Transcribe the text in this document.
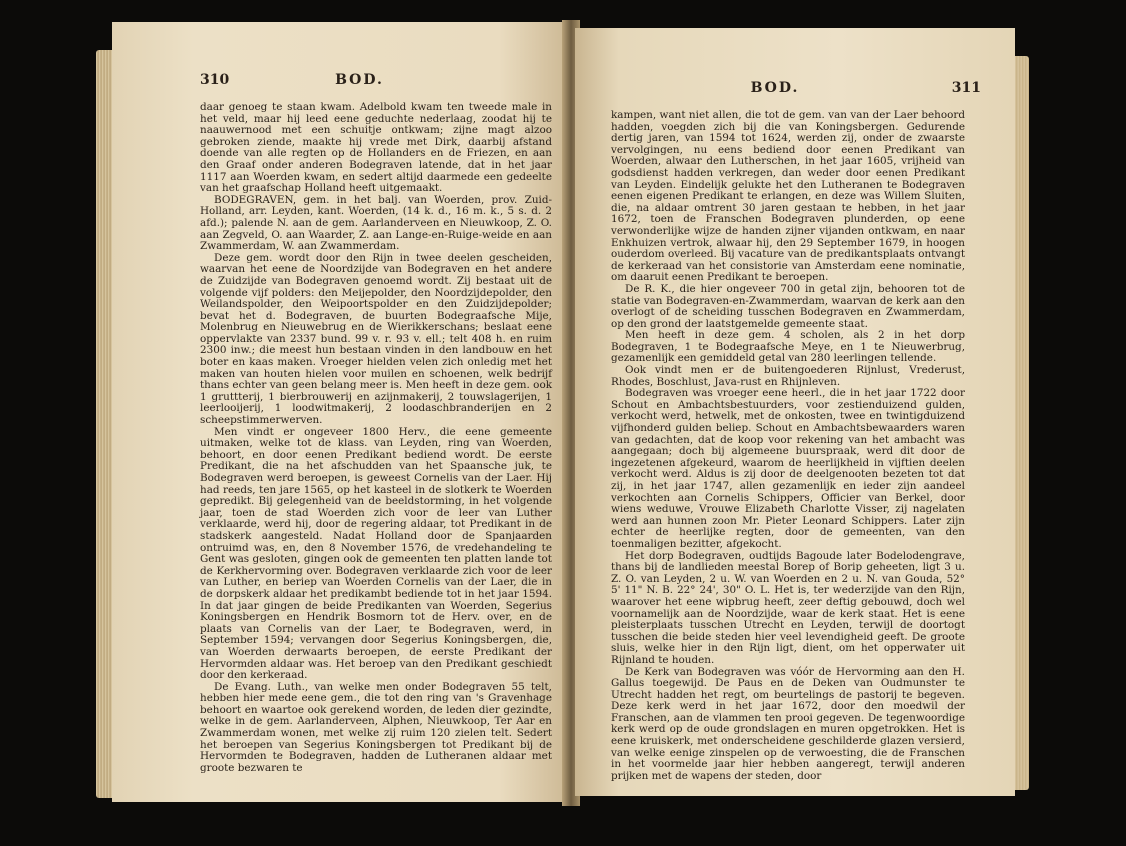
310	BOD.

daar genoeg te staan kwam. Adelbold kwam ten tweede male in het veld, maar hij leed eene geduchte nederlaag, zoodat hij te naauwernood met een schuitje ontkwam; zijne magt alzoo gebroken ziende, maakte hij vrede met Dirk, daarbij afstand doende van alle regten op de Hollanders en de Friezen, en aan den Graaf onder anderen Bodegraven latende, dat in het jaar 1117 aan Woerden kwam, en sedert altijd daarmede een gedeelte van het graafschap Holland heeft uitgemaakt.

BODEGRAVEN, gem. in het balj. van Woerden, prov. Zuid-Holland, arr. Leyden, kant. Woerden, (14 k. d., 16 m. k., 5 s. d. 2 afd.); palende N. aan de gem. Aarlanderveen en Nieuwkoop, Z. O. aan Zegveld, O. aan Waarder, Z. aan Lange-en-Ruige-weide en aan Zwammerdam, W. aan Zwammerdam.

Deze gem. wordt door den Rijn in twee deelen gescheiden, waarvan het eene de Noordzijde van Bodegraven en het andere de Zuidzijde van Bodegraven genoemd wordt. Zij bestaat uit de volgende vijf polders: den Meijepolder, den Noordzijdepolder, den Weilandspolder, den Weipoortspolder en den Zuidzijdepolder; bevat het d. Bodegraven, de buurten Bodegraafsche Mije, Molenbrug en Nieuwebrug en de Wierikkerschans; beslaat eene oppervlakte van 2337 bund. 99 v. r. 93 v. ell.; telt 408 h. en ruim 2300 inw.; die meest hun bestaan vinden in den landbouw en het boter en kaas maken. Vroeger hielden velen zich onledig met het maken van houten hielen voor muilen en schoenen, welk bedrijf thans echter van geen belang meer is. Men heeft in deze gem. ook 1 gruttterij, 1 bierbrouwerij en azijnmakerij, 2 touwslagerijen, 1 leerlooijerij, 1 loodwitmakerij, 2 loodaschbranderijen en 2 scheepstimmerwerven.

Men vindt er ongeveer 1800 Herv., die eene gemeente uitmaken, welke tot de klass. van Leyden, ring van Woerden, behoort, en door eenen Predikant bediend wordt. De eerste Predikant, die na het afschudden van het Spaansche juk, te Bodegraven werd beroepen, is geweest Cornelis van der Laer. Hij had reeds, ten jare 1565, op het kasteel in de slotkerk te Woerden gepredikt. Bij gelegenheid van de beeldstorming, in het volgende jaar, toen de stad Woerden zich voor de leer van Luther verklaarde, werd hij, door de regering aldaar, tot Predikant in de stadskerk aangesteld. Nadat Holland door de Spanjaarden ontruimd was, en, den 8 November 1576, de vredehandeling te Gent was gesloten, gingen ook de gemeenten ten platten lande tot de Kerkhervorming over. Bodegraven verklaarde zich voor de leer van Luther, en beriep van Woerden Cornelis van der Laer, die in de dorpskerk aldaar het predikambt bediende tot in het jaar 1594. In dat jaar gingen de beide Predikanten van Woerden, Segerius Koningsbergen en Hendrik Bosmorn tot de Herv. over, en de plaats van Cornelis van der Laer, te Bodegraven, werd, in September 1594; vervangen door Segerius Koningsbergen, die, van Woerden derwaarts beroepen, de eerste Predikant der Hervormden aldaar was. Het beroep van den Predikant geschiedt door den kerkeraad.

De Evang. Luth., van welke men onder Bodegraven 55 telt, hebben hier mede eene gem., die tot den ring van 's Gravenhage behoort en waartoe ook gerekend worden, de leden dier gezindte, welke in de gem. Aarlanderveen, Alphen, Nieuwkoop, Ter Aar en Zwammerdam wonen, met welke zij ruim 120 zielen telt. Sedert het beroepen van Segerius Koningsbergen tot Predikant bij de Hervormden te Bodegraven, hadden de Lutheranen aldaar met groote bezwaren te

BOD.	311

kampen, want niet allen, die tot de gem. van van der Laer behoord hadden, voegden zich bij die van Koningsbergen. Gedurende dertig jaren, van 1594 tot 1624, werden zij, onder de zwaarste vervolgingen, nu eens bediend door eenen Predikant van Woerden, alwaar den Lutherschen, in het jaar 1605, vrijheid van godsdienst hadden verkregen, dan weder door eenen Predikant van Leyden. Eindelijk gelukte het den Lutheranen te Bodegraven eenen eigenen Predikant te erlangen, en deze was Willem Sluiten, die, na aldaar omtrent 30 jaren gestaan te hebben, in het jaar 1672, toen de Franschen Bodegraven plunderden, op eene verwonderlijke wijze de handen zijner vijanden ontkwam, en naar Enkhuizen vertrok, alwaar hij, den 29 September 1679, in hoogen ouderdom overleed. Bij vacature van de predikantsplaats ontvangt de kerkeraad van het consistorie van Amsterdam eene nominatie, om daaruit eenen Predikant te beroepen.

De R. K., die hier ongeveer 700 in getal zijn, behooren tot de statie van Bodegraven-en-Zwammerdam, waarvan de kerk aan den overlogt of de scheiding tusschen Bodegraven en Zwammerdam, op den grond der laatstgemelde gemeente staat.

Men heeft in deze gem. 4 scholen, als 2 in het dorp Bodegraven, 1 te Bodegraafsche Meye, en 1 te Nieuwerbrug, gezamenlijk een gemiddeld getal van 280 leerlingen tellende.

Ook vindt men er de buitengoederen Rijnlust, Vrederust, Rhodes, Boschlust, Java-rust en Rhijnleven.

Bodegraven was vroeger eene heerl., die in het jaar 1722 door Schout en Ambachtsbestuurders, voor zestienduizend gulden, verkocht werd, hetwelk, met de onkosten, twee en twintigduizend vijfhonderd gulden beliep. Schout en Ambachtsbewaarders waren van gedachten, dat de koop voor rekening van het ambacht was aangegaan; doch bij algemeene buurspraak, werd dit door de ingezetenen afgekeurd, waarom de heerlijkheid in vijftien deelen verkocht werd. Aldus is zij door de deelgenooten bezeten tot dat zij, in het jaar 1747, allen gezamenlijk en ieder zijn aandeel verkochten aan Cornelis Schippers, Officier van Berkel, door wiens weduwe, Vrouwe Elizabeth Charlotte Visser, zij nagelaten werd aan hunnen zoon Mr. Pieter Leonard Schippers. Later zijn echter de heerlijke regten, door de gemeenten, van den toenmaligen bezitter, afgekocht.

Het dorp Bodegraven, oudtijds Bagoude later Bodelodengrave, thans bij de landlieden meestal Borep of Borip geheeten, ligt 3 u. Z. O. van Leyden, 2 u. W. van Woerden en 2 u. N. van Gouda, 52° 5' 11" N. B. 22° 24', 30" O. L. Het is, ter wederzijde van den Rijn, waarover het eene wipbrug heeft, zeer deftig gebouwd, doch wel voornamelijk aan de Noordzijde, waar de kerk staat. Het is eene pleisterplaats tusschen Utrecht en Leyden, terwijl de doortogt tusschen die beide steden hier veel levendigheid geeft. De groote sluis, welke hier in den Rijn ligt, dient, om het opperwater uit Rijnland te houden.

De Kerk van Bodegraven was vóór de Hervorming aan den H. Gallus toegewijd. De Paus en de Deken van Oudmunster te Utrecht hadden het regt, om beurtelings de pastorij te begeven. Deze kerk werd in het jaar 1672, door den moedwil der Franschen, aan de vlammen ten prooi gegeven. De tegenwoordige kerk werd op de oude grondslagen en muren opgetrokken. Het is eene kruiskerk, met onderscheidene geschilderde glazen versierd, van welke eenige zinspelen op de verwoesting, die de Franschen in het voormelde jaar hier hebben aangeregt, terwijl anderen prijken met de wapens der steden, door
